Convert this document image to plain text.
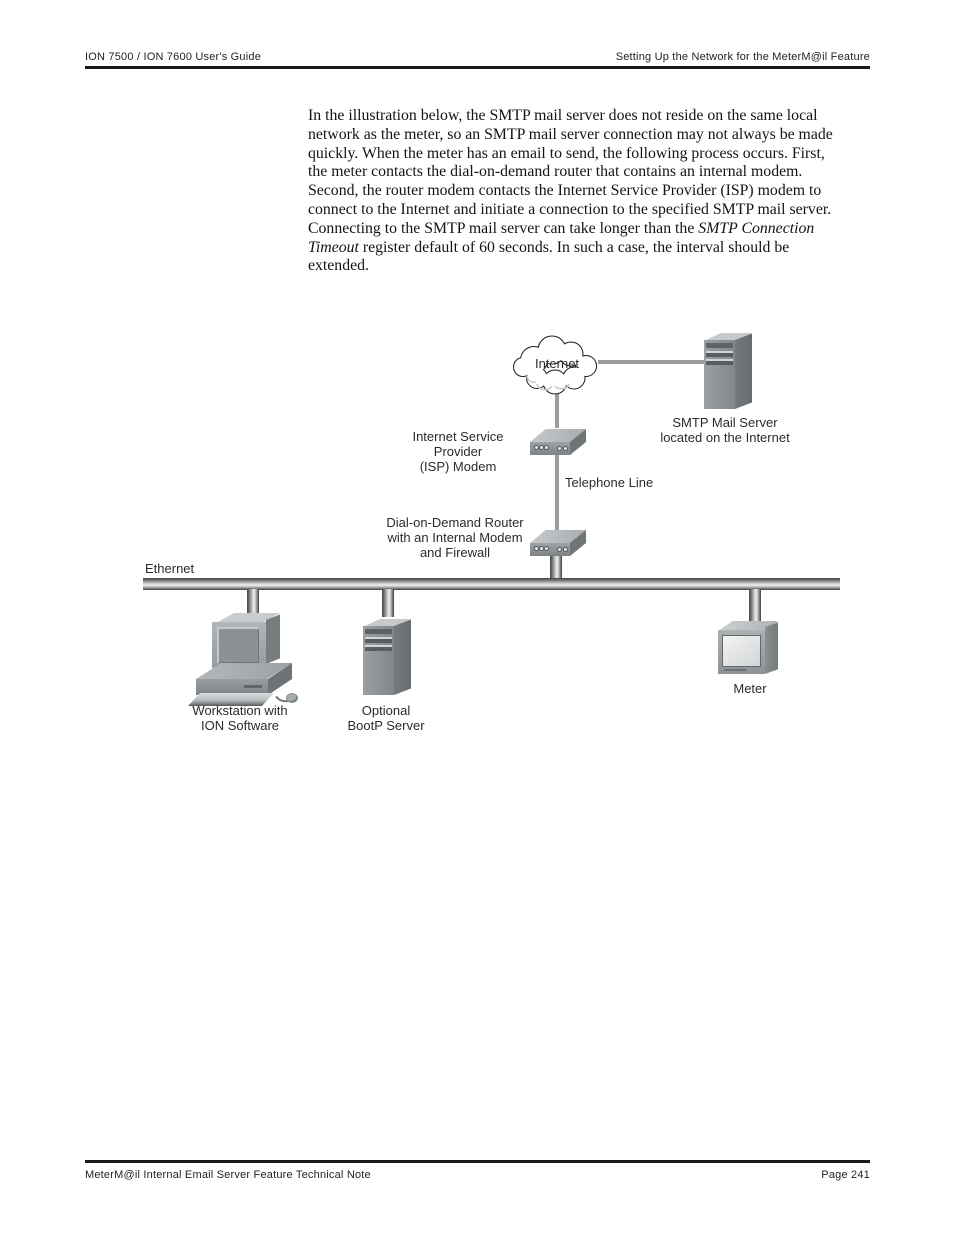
ION 7500 / ION 7600 User's Guide	Setting Up the Network for the MeterM@il Feature
In the illustration below, the SMTP mail server does not reside on the same local
network as the meter, so an SMTP mail server connection may not always be made
quickly. When the meter has an email to send, the following process occurs. First,
the meter contacts the dial-on-demand router that contains an internal modem.
Second, the router modem contacts the Internet Service Provider (ISP) modem to
connect to the Internet and initiate a connection to the specified SMTP mail server.
Connecting to the SMTP mail server can take longer than the SMTP Connection
Timeout register default of 60 seconds. In such a case, the interval should be
extended.
Internet
SMTP Mail Server
located on the Internet
Internet Service Provider
(ISP) Modem
Telephone Line
Dial-on-Demand Router
with an Internal Modem
and Firewall
Ethernet
Workstation with
ION Software
Optional
BootP Server
Meter
MeterM@il Internal Email Server Feature Technical Note	Page 241
